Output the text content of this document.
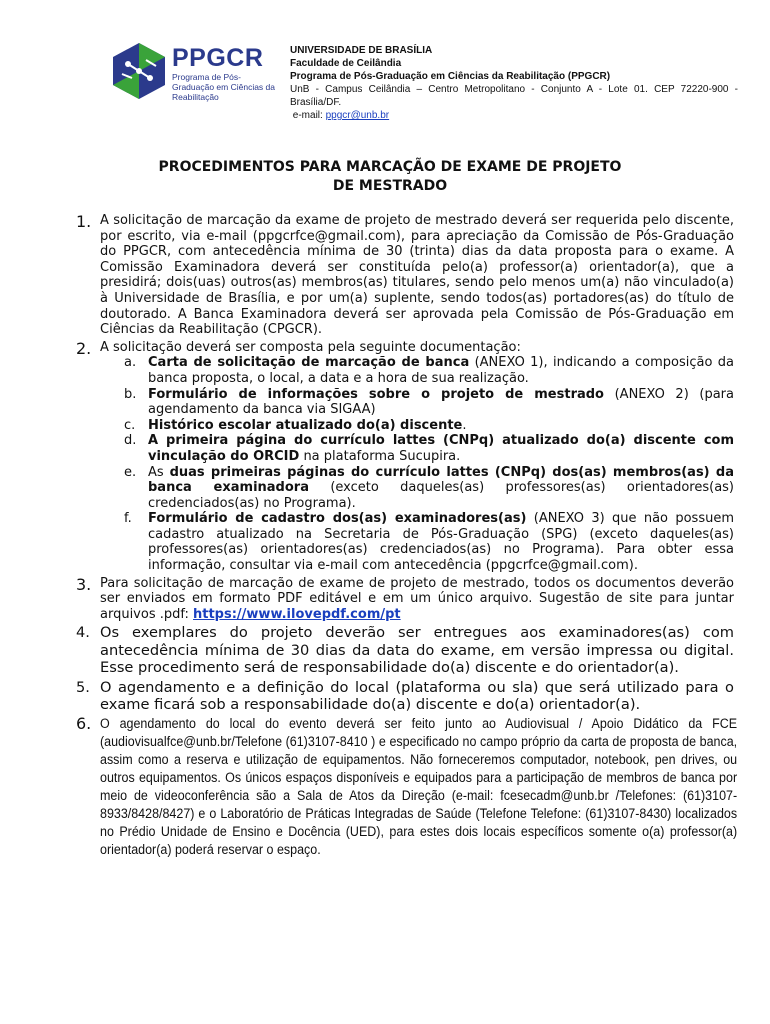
PPGCR
Programa de Pós-Graduação em Ciências da Reabilitação
UNIVERSIDADE DE BRASÍLIA
Faculdade de Ceilândia
Programa de Pós-Graduação em Ciências da Reabilitação (PPGCR)
UnB - Campus Ceilândia – Centro Metropolitano - Conjunto A - Lote 01. CEP 72220-900 - Brasília/DF.
e-mail: ppgcr@unb.br
PROCEDIMENTOS PARA MARCAÇÃO DE EXAME DE PROJETO
DE MESTRADO
1. A solicitação de marcação da exame de projeto de mestrado deverá ser requerida pelo discente, por escrito, via e-mail (ppgcrfce@gmail.com), para apreciação da Comissão de Pós-Graduação do PPGCR, com antecedência mínima de 30 (trinta) dias da data proposta para o exame. A Comissão Examinadora deverá ser constituída pelo(a) professor(a) orientador(a), que a presidirá; dois(uas) outros(as) membros(as) titulares, sendo pelo menos um(a) não vinculado(a) à Universidade de Brasília, e por um(a) suplente, sendo todos(as) portadores(as) do título de doutorado. A Banca Examinadora deverá ser aprovada pela Comissão de Pós-Graduação em Ciências da Reabilitação (CPGCR).
2. A solicitação deverá ser composta pela seguinte documentação:
a. Carta de solicitação de marcação de banca (ANEXO 1), indicando a composição da banca proposta, o local, a data e a hora de sua realização.
b. Formulário de informações sobre o projeto de mestrado (ANEXO 2) (para agendamento da banca via SIGAA)
c. Histórico escolar atualizado do(a) discente.
d. A primeira página do currículo lattes (CNPq) atualizado do(a) discente com vinculação do ORCID na plataforma Sucupira.
e. As duas primeiras páginas do currículo lattes (CNPq) dos(as) membros(as) da banca examinadora (exceto daqueles(as) professores(as) orientadores(as) credenciados(as) no Programa).
f. Formulário de cadastro dos(as) examinadores(as) (ANEXO 3) que não possuem cadastro atualizado na Secretaria de Pós-Graduação (SPG) (exceto daqueles(as) professores(as) orientadores(as) credenciados(as) no Programa). Para obter essa informação, consultar via e-mail com antecedência (ppgcrfce@gmail.com).
3. Para solicitação de marcação de exame de projeto de mestrado, todos os documentos deverão ser enviados em formato PDF editável e em um único arquivo. Sugestão de site para juntar arquivos .pdf: https://www.ilovepdf.com/pt
4. Os exemplares do projeto deverão ser entregues aos examinadores(as) com antecedência mínima de 30 dias da data do exame, em versão impressa ou digital. Esse procedimento será de responsabilidade do(a) discente e do orientador(a).
5. O agendamento e a definição do local (plataforma ou sla) que será utilizado para o exame ficará sob a responsabilidade do(a) discente e do(a) orientador(a).
6. O agendamento do local do evento deverá ser feito junto ao Audiovisual / Apoio Didático da FCE (audiovisualfce@unb.br/Telefone (61)3107-8410 ) e especificado no campo próprio da carta de proposta de banca, assim como a reserva e utilização de equipamentos. Não forneceremos computador, notebook, pen drives, ou outros equipamentos. Os únicos espaços disponíveis e equipados para a participação de membros de banca por meio de videoconferência são a Sala de Atos da Direção (e-mail: fcesecadm@unb.br /Telefones: (61)3107-8933/8428/8427) e o Laboratório de Práticas Integradas de Saúde (Telefone Telefone: (61)3107-8430) localizados no Prédio Unidade de Ensino e Docência (UED), para estes dois locais específicos somente o(a) professor(a) orientador(a) poderá reservar o espaço.
